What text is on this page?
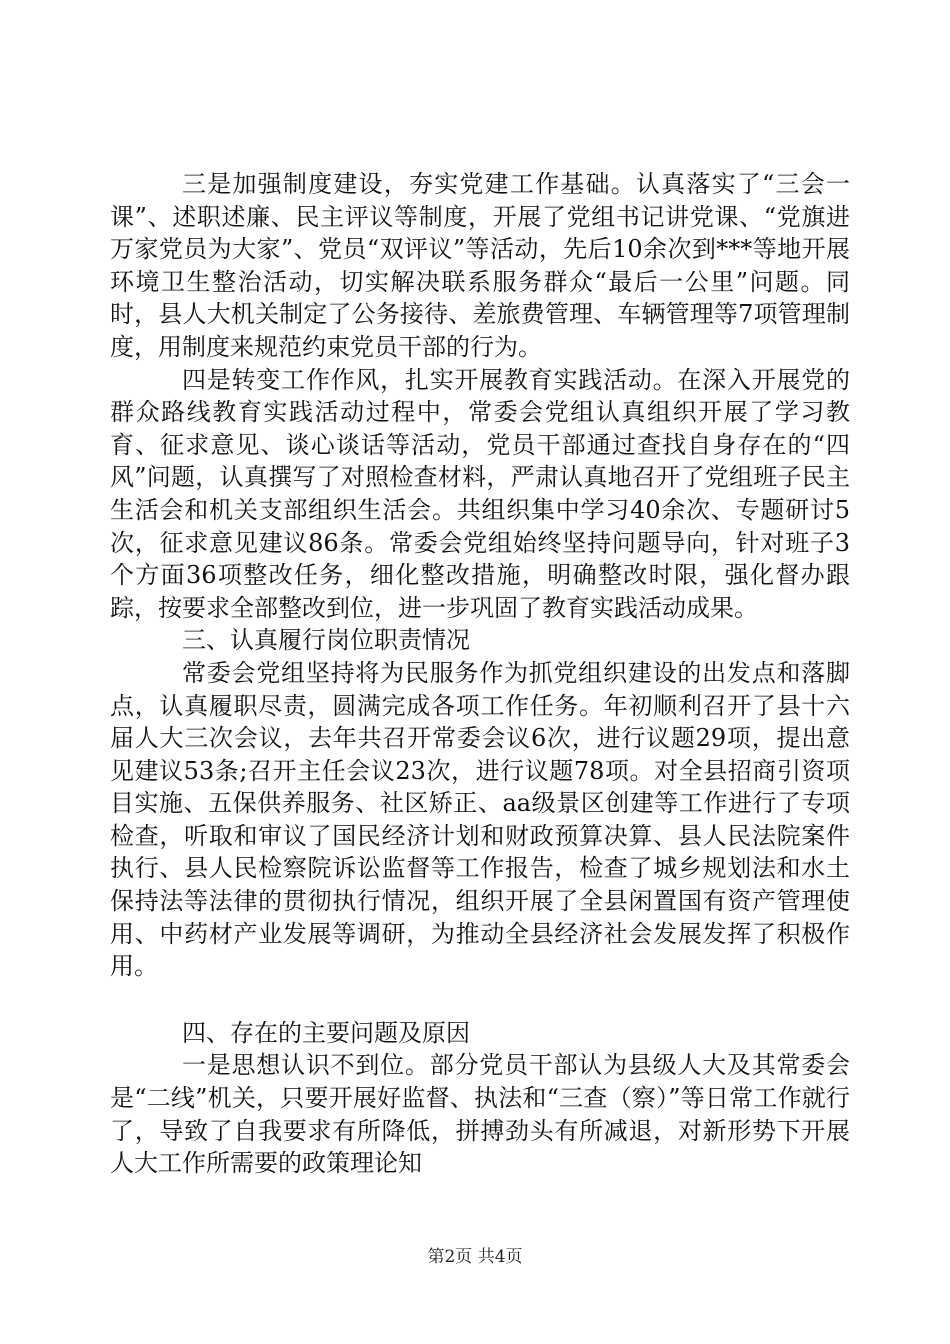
三是加强制度建设，夯实党建工作基础。认真落实了“三会一课”、述职述廉、民主评议等制度，开展了党组书记讲党课、“党旗进万家党员为大家”、党员“双评议”等活动，先后10余次到***等地开展环境卫生整治活动，切实解决联系服务群众“最后一公里”问题。同时，县人大机关制定了公务接待、差旅费管理、车辆管理等7项管理制度，用制度来规范约束党员干部的行为。

四是转变工作作风，扎实开展教育实践活动。在深入开展党的群众路线教育实践活动过程中，常委会党组认真组织开展了学习教育、征求意见、谈心谈话等活动，党员干部通过查找自身存在的“四风”问题，认真撰写了对照检查材料，严肃认真地召开了党组班子民主生活会和机关支部组织生活会。共组织集中学习40余次、专题研讨5次，征求意见建议86条。常委会党组始终坚持问题导向，针对班子3个方面36项整改任务，细化整改措施，明确整改时限，强化督办跟踪，按要求全部整改到位，进一步巩固了教育实践活动成果。

三、认真履行岗位职责情况

常委会党组坚持将为民服务作为抓党组织建设的出发点和落脚点，认真履职尽责，圆满完成各项工作任务。年初顺利召开了县十六届人大三次会议，去年共召开常委会议6次，进行议题29项，提出意见建议53条;召开主任会议23次，进行议题78项。对全县招商引资项目实施、五保供养服务、社区矫正、aa级景区创建等工作进行了专项检查，听取和审议了国民经济计划和财政预算决算、县人民法院案件执行、县人民检察院诉讼监督等工作报告，检查了城乡规划法和水土保持法等法律的贯彻执行情况，组织开展了全县闲置国有资产管理使用、中药材产业发展等调研，为推动全县经济社会发展发挥了积极作用。

四、存在的主要问题及原因

一是思想认识不到位。部分党员干部认为县级人大及其常委会是“二线”机关，只要开展好监督、执法和“三查（察）”等日常工作就行了，导致了自我要求有所降低，拼搏劲头有所减退，对新形势下开展人大工作所需要的政策理论知

第2页 共4页
